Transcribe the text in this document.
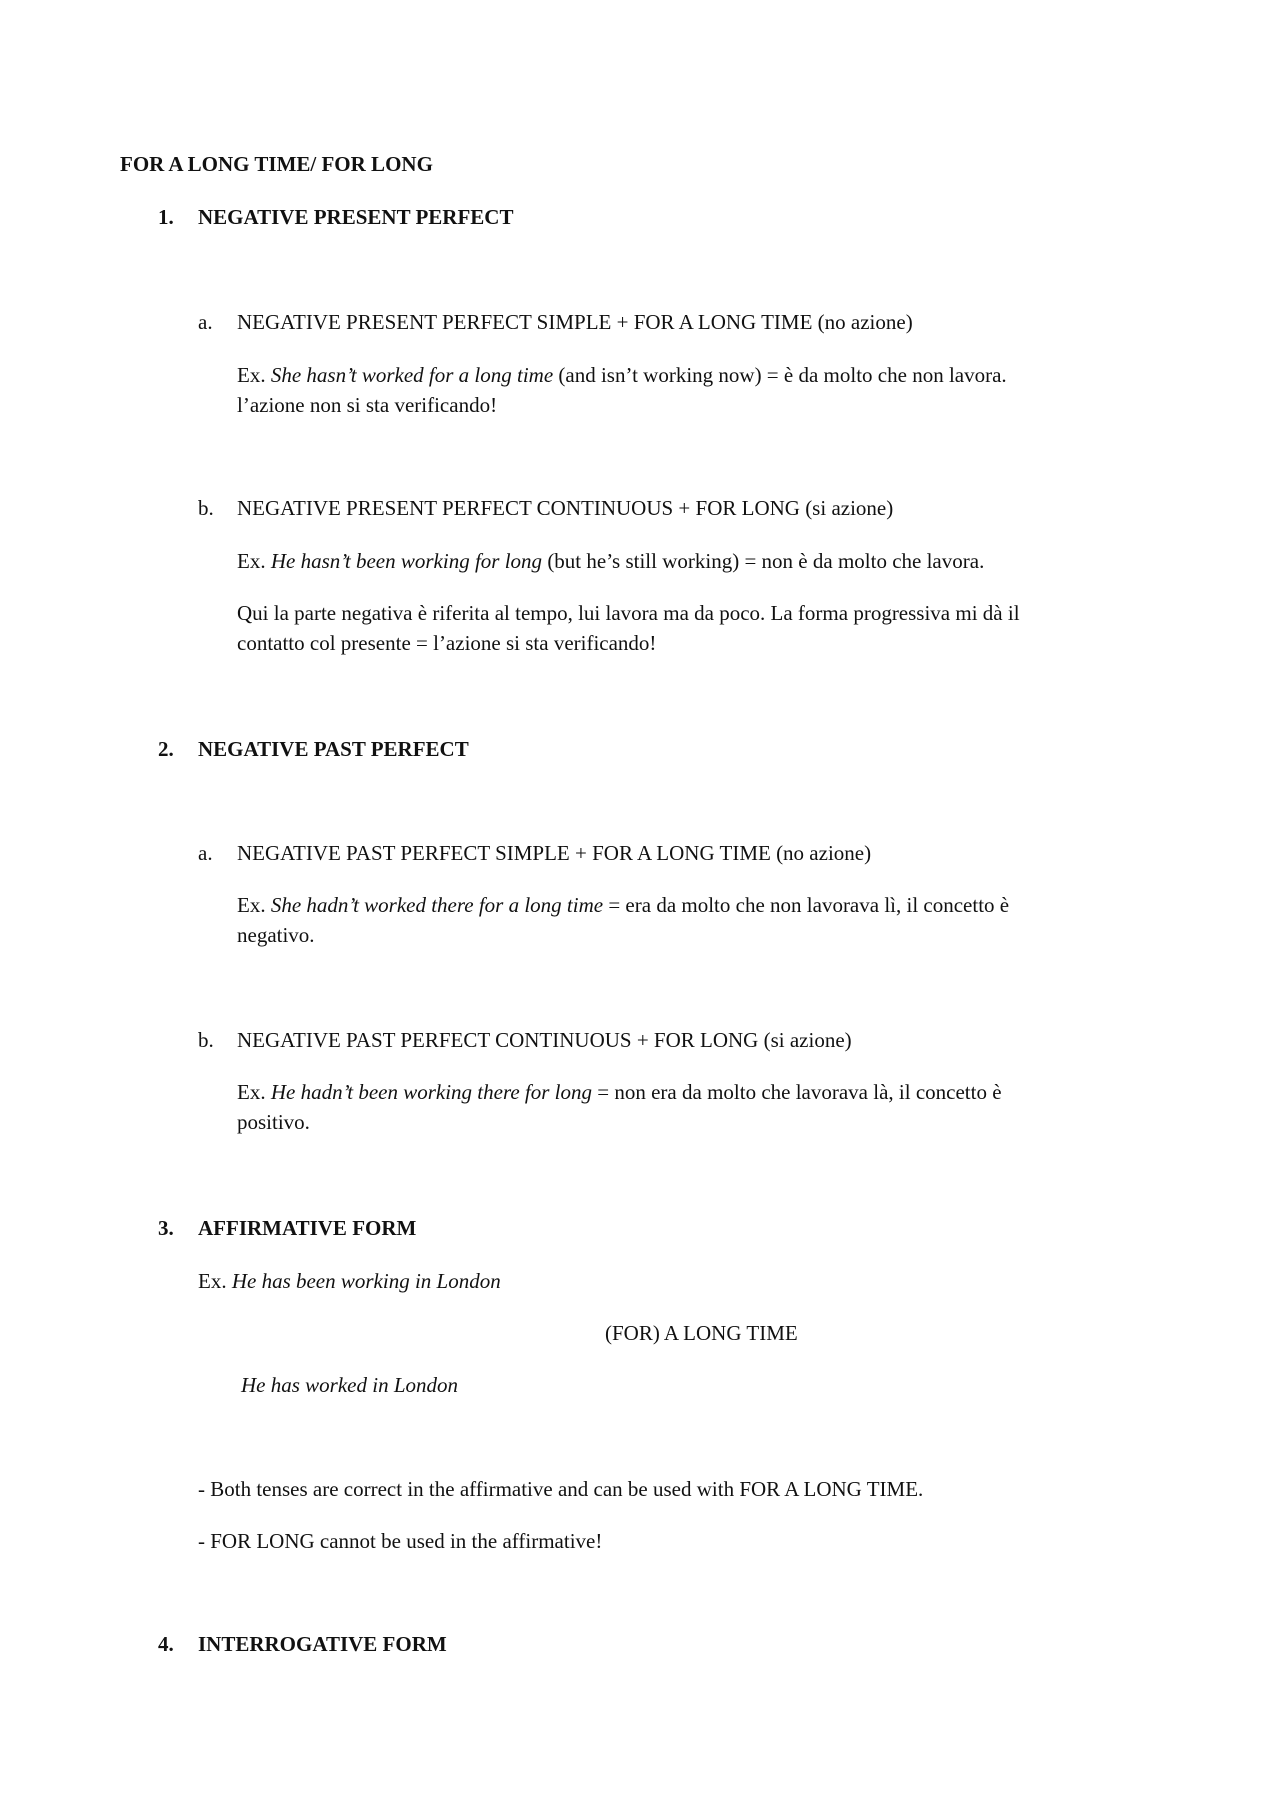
FOR A LONG TIME/ FOR LONG
1. NEGATIVE PRESENT PERFECT
a. NEGATIVE PRESENT PERFECT SIMPLE + FOR A LONG TIME (no azione)
Ex. She hasn’t worked for a long time (and isn’t working now) = è da molto che non lavora.
l’azione non si sta verificando!
b. NEGATIVE PRESENT PERFECT CONTINUOUS + FOR LONG (si azione)
Ex. He hasn’t been working for long (but he’s still working) = non è da molto che lavora.
Qui la parte negativa è riferita al tempo, lui lavora ma da poco. La forma progressiva mi dà il
contatto col presente = l’azione si sta verificando!
2. NEGATIVE PAST PERFECT
a. NEGATIVE PAST PERFECT SIMPLE + FOR A LONG TIME (no azione)
Ex. She hadn’t worked there for a long time = era da molto che non lavorava lì, il concetto è
negativo.
b. NEGATIVE PAST PERFECT CONTINUOUS + FOR LONG (si azione)
Ex. He hadn’t been working there for long = non era da molto che lavorava là, il concetto è
positivo.
3. AFFIRMATIVE FORM
Ex. He has been working in London
(FOR) A LONG TIME
He has worked in London
- Both tenses are correct in the affirmative and can be used with FOR A LONG TIME.
- FOR LONG cannot be used in the affirmative!
4. INTERROGATIVE FORM
